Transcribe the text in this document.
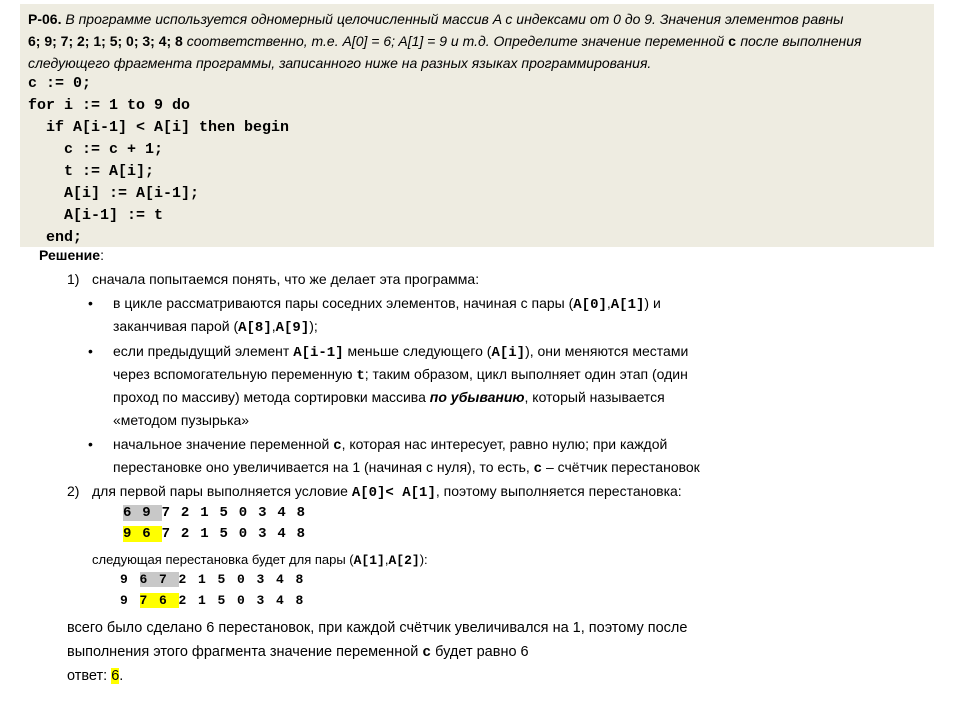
Р-06. В программе используется одномерный целочисленный массив A с индексами от 0 до 9. Значения элементов равны
6; 9; 7; 2; 1; 5; 0; 3; 4; 8 соответственно, т.е. A[0] = 6; A[1] = 9 и т.д. Определите значение переменной c после выполнения
следующего фрагмента программы, записанного ниже на разных языках программирования.
c := 0;
for i := 1 to 9 do
if A[i-1] < A[i] then begin
c := c + 1;
t := A[i];
A[i] := A[i-1];
A[i-1] := t
end;
Решение:
1) сначала попытаемся понять, что же делает эта программа:
• в цикле рассматриваются пары соседних элементов, начиная с пары (A[0],A[1]) и
заканчивая парой (A[8],A[9]);
• если предыдущий элемент A[i-1] меньше следующего (A[i]), они меняются местами
через вспомогательную переменную t; таким образом, цикл выполняет один этап (один
проход по массиву) метода сортировки массива по убыванию, который называется
«методом пузырька»
• начальное значение переменной c, которая нас интересует, равно нулю; при каждой
перестановке оно увеличивается на 1 (начиная с нуля), то есть, c – счётчик перестановок
2) для первой пары выполняется условие A[0]< A[1], поэтому выполняется перестановка:
6 9 7 2 1 5 0 3 4 8
9 6 7 2 1 5 0 3 4 8
следующая перестановка будет для пары (A[1],A[2]):
9 6 7 2 1 5 0 3 4 8
9 7 6 2 1 5 0 3 4 8
всего было сделано 6 перестановок, при каждой счётчик увеличивался на 1, поэтому после
выполнения этого фрагмента значение переменной c будет равно 6
ответ: 6.
